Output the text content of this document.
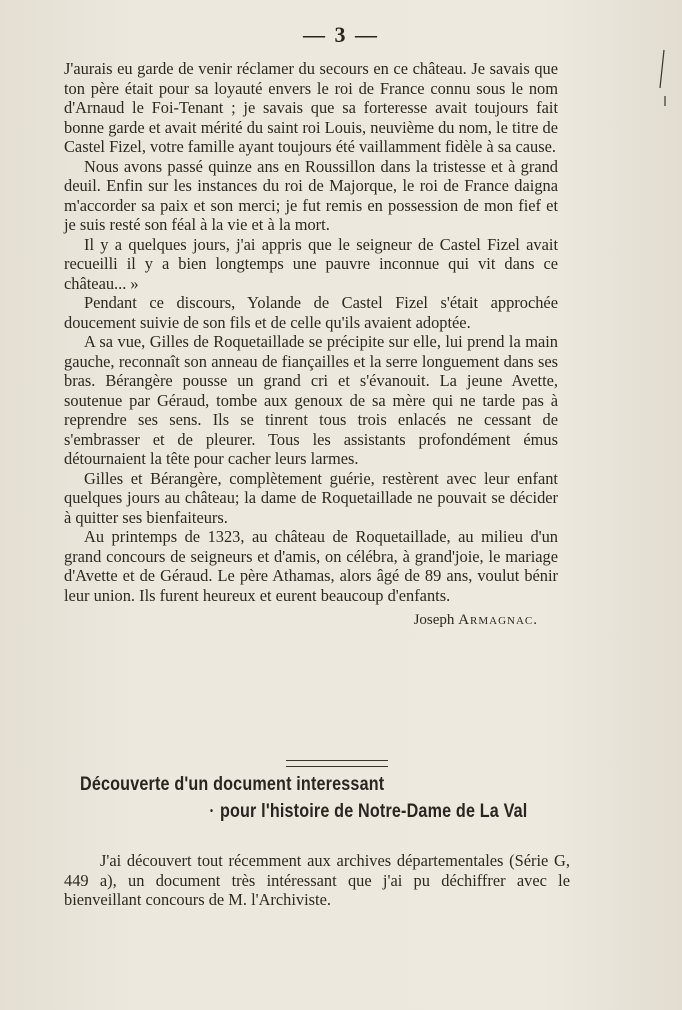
— 3 —

J'aurais eu garde de venir réclamer du secours en ce château. Je savais que ton père était pour sa loyauté envers le roi de France connu sous le nom d'Arnaud le Foi-Tenant ; je savais que sa forteresse avait toujours fait bonne garde et avait mérité du saint roi Louis, neuvième du nom, le titre de Castel Fizel, votre famille ayant toujours été vaillamment fidèle à sa cause.

Nous avons passé quinze ans en Roussillon dans la tristesse et à grand deuil. Enfin sur les instances du roi de Majorque, le roi de France daigna m'accorder sa paix et son merci; je fut remis en possession de mon fief et je suis resté son féal à la vie et à la mort.

Il y a quelques jours, j'ai appris que le seigneur de Castel Fizel avait recueilli il y a bien longtemps une pauvre inconnue qui vit dans ce château... »

Pendant ce discours, Yolande de Castel Fizel s'était approchée doucement suivie de son fils et de celle qu'ils avaient adoptée.

A sa vue, Gilles de Roquetaillade se précipite sur elle, lui prend la main gauche, reconnaît son anneau de fiançailles et la serre longuement dans ses bras. Bérangère pousse un grand cri et s'évanouit. La jeune Avette, soutenue par Géraud, tombe aux genoux de sa mère qui ne tarde pas à reprendre ses sens. Ils se tinrent tous trois enlacés ne cessant de s'embrasser et de pleurer. Tous les assistants profondément émus détournaient la tête pour cacher leurs larmes.

Gilles et Bérangère, complètement guérie, restèrent avec leur enfant quelques jours au château; la dame de Roquetaillade ne pouvait se décider à quitter ses bienfaiteurs.

Au printemps de 1323, au château de Roquetaillade, au milieu d'un grand concours de seigneurs et d'amis, on célébra, à grand'joie, le mariage d'Avette et de Géraud. Le père Athamas, alors âgé de 89 ans, voulut bénir leur union. Ils furent heureux et eurent beaucoup d'enfants.

Joseph Armagnac.
Découverte d'un document interessant
• pour l'histoire de Notre-Dame de La Val

J'ai découvert tout récemment aux archives départementales (Série G, 449 a), un document très intéressant que j'ai pu déchiffrer avec le bienveillant concours de M. l'Archiviste.
